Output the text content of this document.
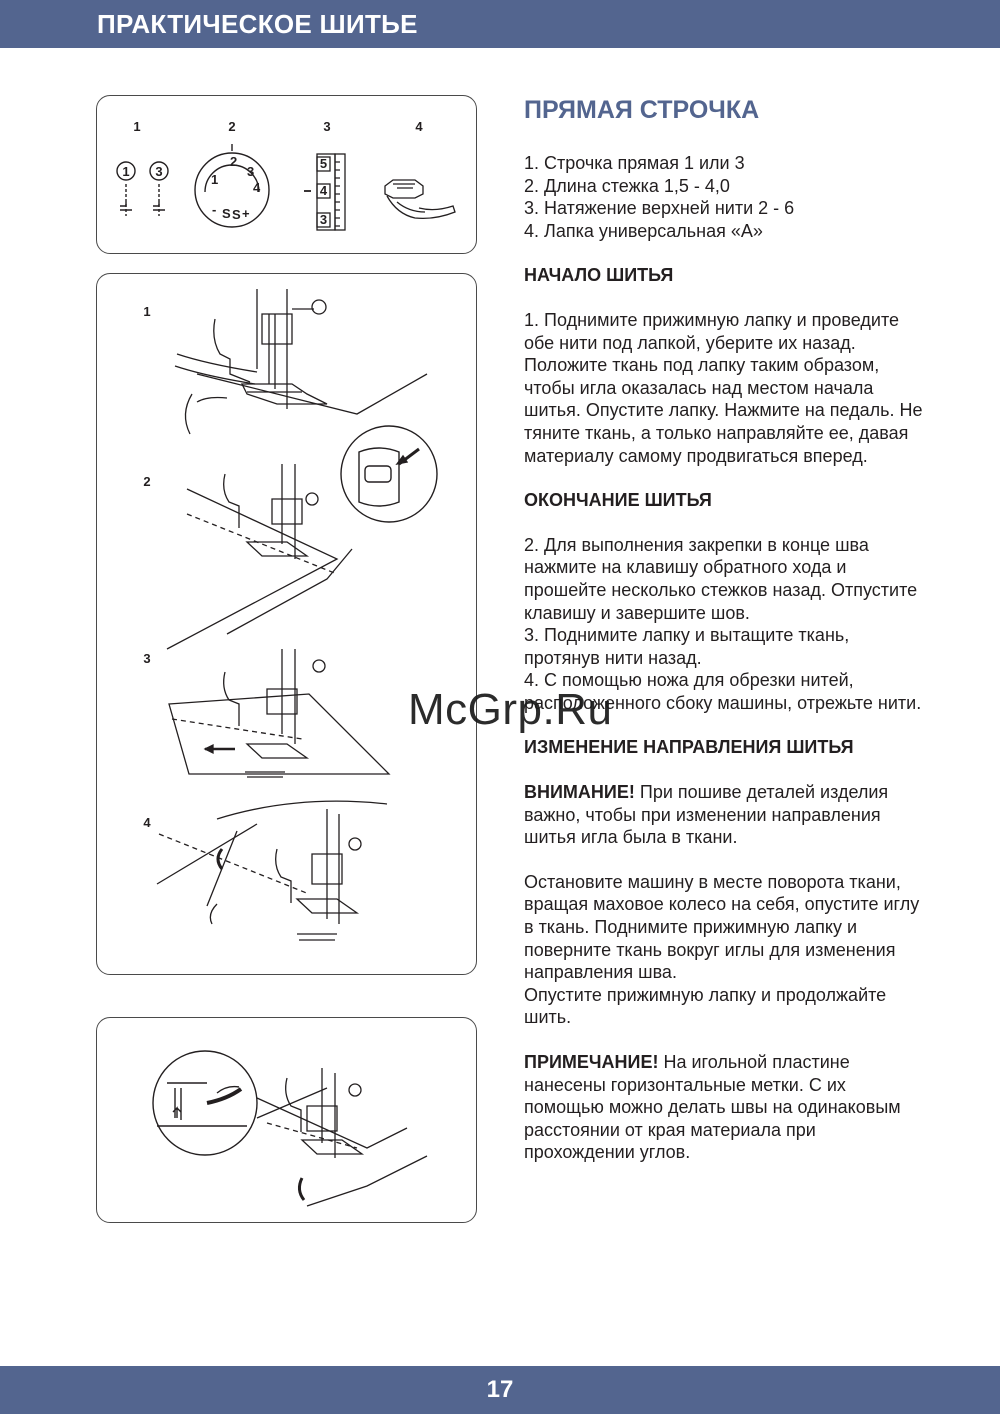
ПРАКТИЧЕСКОЕ ШИТЬЕ
1	2	3	4
1 3
1
2
3
4
- S S +
5
4
3
1
2
3
4
ПРЯМАЯ СТРОЧКА
1. Строчка прямая 1 или 3
2. Длина стежка 1,5 - 4,0
3. Натяжение верхней нити 2 - 6
4. Лапка универсальная «А»
НАЧАЛО ШИТЬЯ
1. Поднимите прижимную лапку и проведите обе нити под лапкой, уберите их назад. Положите ткань под лапку таким образом, чтобы игла оказалась над местом начала шитья. Опустите лапку. Нажмите на педаль. Не тяните ткань, а только направляйте ее, давая материалу самому продвигаться вперед.
ОКОНЧАНИЕ ШИТЬЯ
2. Для выполнения закрепки в конце шва нажмите на клавишу обратного хода и прошейте несколько стежков назад. Отпустите клавишу и завершите шов.
3. Поднимите лапку и вытащите ткань, протянув нити назад.
4. С помощью ножа для обрезки нитей, расположенного сбоку машины, отрежьте нити.
ИЗМЕНЕНИЕ НАПРАВЛЕНИЯ ШИТЬЯ
ВНИМАНИЕ! При пошиве деталей изделия важно, чтобы при изменении направления шитья игла была в ткани.
Остановите машину в месте поворота ткани, вращая маховое колесо на себя, опустите иглу в ткань. Поднимите прижимную лапку и поверните ткань вокруг иглы для изменения направления шва.
Опустите прижимную лапку и продолжайте шить.
ПРИМЕЧАНИЕ! На игольной пластине нанесены горизонтальные метки. С их помощью можно делать швы на одинаковым расстоянии от края материала при прохождении углов.
McGrp.Ru
17
